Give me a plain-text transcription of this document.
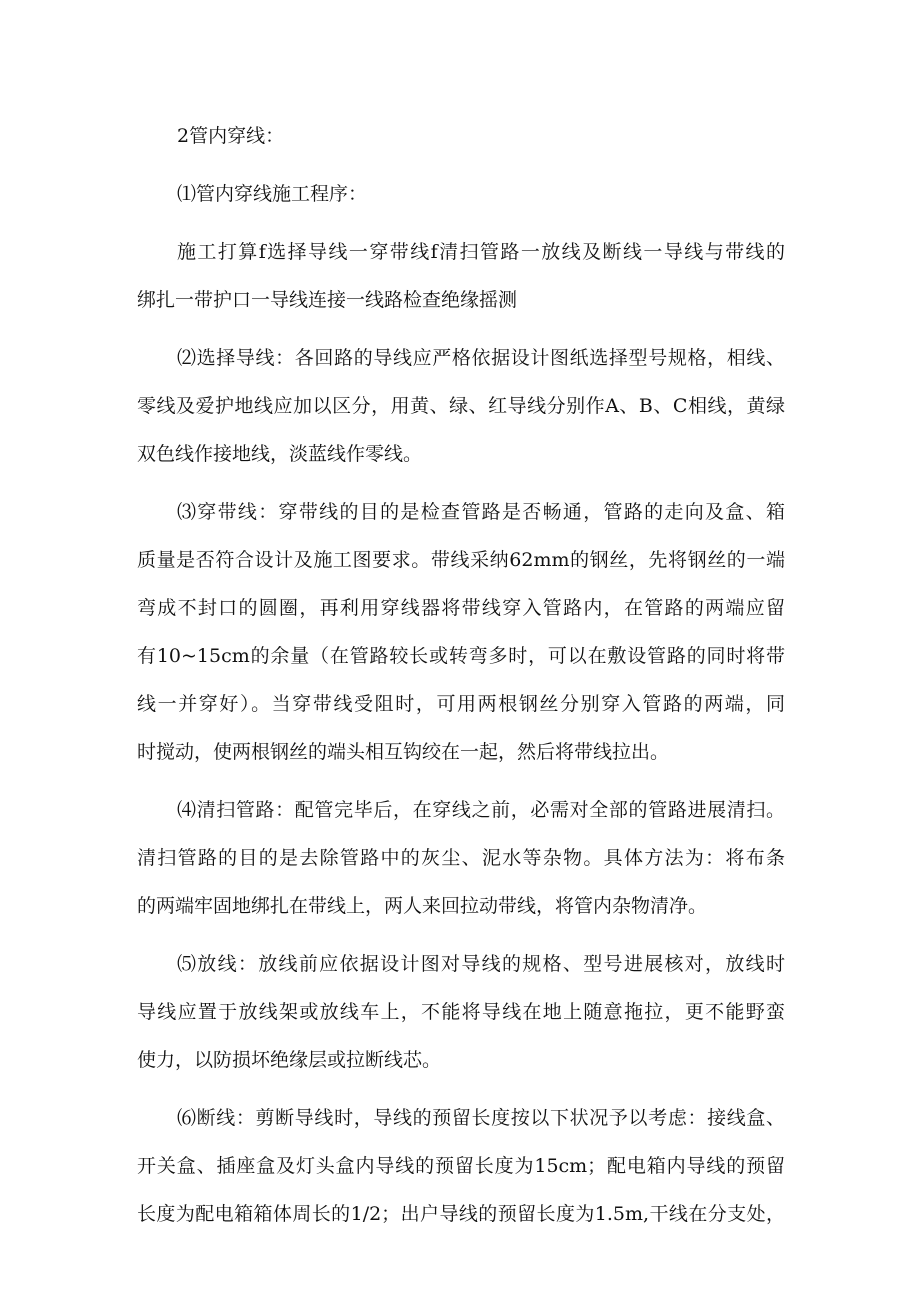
2管内穿线：
⑴管内穿线施工程序：
施工打算f选择导线一穿带线f清扫管路一放线及断线一导线与带线的
绑扎一带护口一导线连接一线路检查绝缘摇测
⑵选择导线：各回路的导线应严格依据设计图纸选择型号规格，相线、
零线及爱护地线应加以区分，用黄、绿、红导线分别作A、B、C相线，黄绿
双色线作接地线，淡蓝线作零线。
⑶穿带线：穿带线的目的是检查管路是否畅通，管路的走向及盒、箱
质量是否符合设计及施工图要求。带线采纳62mm的钢丝，先将钢丝的一端
弯成不封口的圆圈，再利用穿线器将带线穿入管路内，在管路的两端应留
有10~15cm的余量（在管路较长或转弯多时，可以在敷设管路的同时将带
线一并穿好）。当穿带线受阻时，可用两根钢丝分别穿入管路的两端，同
时搅动，使两根钢丝的端头相互钩绞在一起，然后将带线拉出。
⑷清扫管路：配管完毕后，在穿线之前，必需对全部的管路进展清扫。
清扫管路的目的是去除管路中的灰尘、泥水等杂物。具体方法为：将布条
的两端牢固地绑扎在带线上，两人来回拉动带线，将管内杂物清净。
⑸放线：放线前应依据设计图对导线的规格、型号进展核对，放线时
导线应置于放线架或放线车上，不能将导线在地上随意拖拉，更不能野蛮
使力，以防损坏绝缘层或拉断线芯。
⑹断线：剪断导线时，导线的预留长度按以下状况予以考虑：接线盒、
开关盒、插座盒及灯头盒内导线的预留长度为15cm；配电箱内导线的预留
长度为配电箱箱体周长的1/2；出户导线的预留长度为1.5m,干线在分支处，
